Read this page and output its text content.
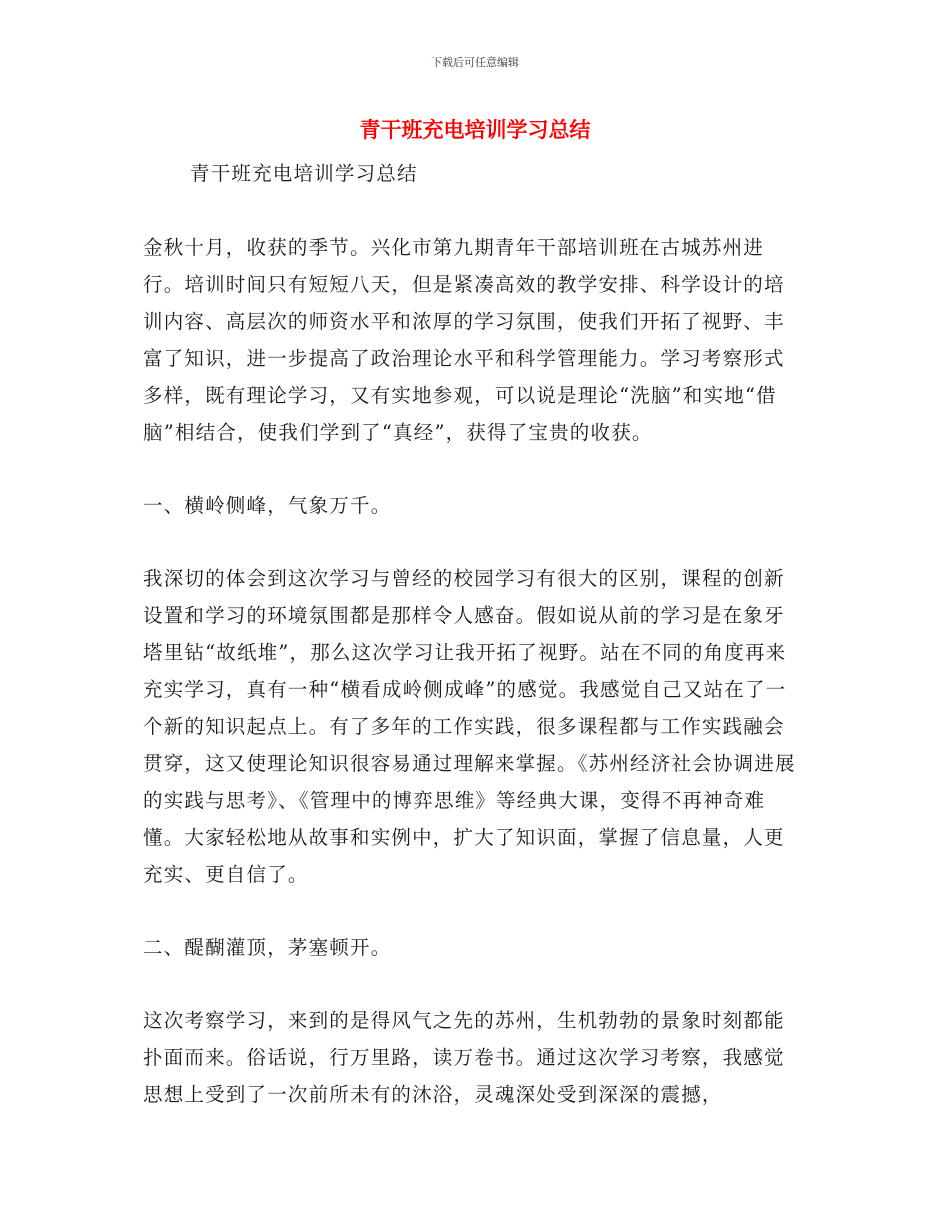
下载后可任意编辑
青干班充电培训学习总结

青干班充电培训学习总结

金秋十月，收获的季节。兴化市第九期青年干部培训班在古城苏州进行。培训时间只有短短八天，但是紧凑高效的教学安排、科学设计的培训内容、高层次的师资水平和浓厚的学习氛围，使我们开拓了视野、丰富了知识，进一步提高了政治理论水平和科学管理能力。学习考察形式多样，既有理论学习，又有实地参观，可以说是理论“洗脑”和实地“借脑”相结合，使我们学到了“真经”，获得了宝贵的收获。

一、横岭侧峰，气象万千。

我深切的体会到这次学习与曾经的校园学习有很大的区别，课程的创新设置和学习的环境氛围都是那样令人感奋。假如说从前的学习是在象牙塔里钻“故纸堆”，那么这次学习让我开拓了视野。站在不同的角度再来充实学习，真有一种“横看成岭侧成峰”的感觉。我感觉自己又站在了一个新的知识起点上。有了多年的工作实践，很多课程都与工作实践融会贯穿，这又使理论知识很容易通过理解来掌握。《苏州经济社会协调进展的实践与思考》、《管理中的博弈思维》等经典大课，变得不再神奇难懂。大家轻松地从故事和实例中，扩大了知识面，掌握了信息量，人更充实、更自信了。

二、醍醐灌顶，茅塞顿开。

这次考察学习，来到的是得风气之先的苏州，生机勃勃的景象时刻都能扑面而来。俗话说，行万里路，读万卷书。通过这次学习考察，我感觉思想上受到了一次前所未有的沐浴，灵魂深处受到深深的震撼，
